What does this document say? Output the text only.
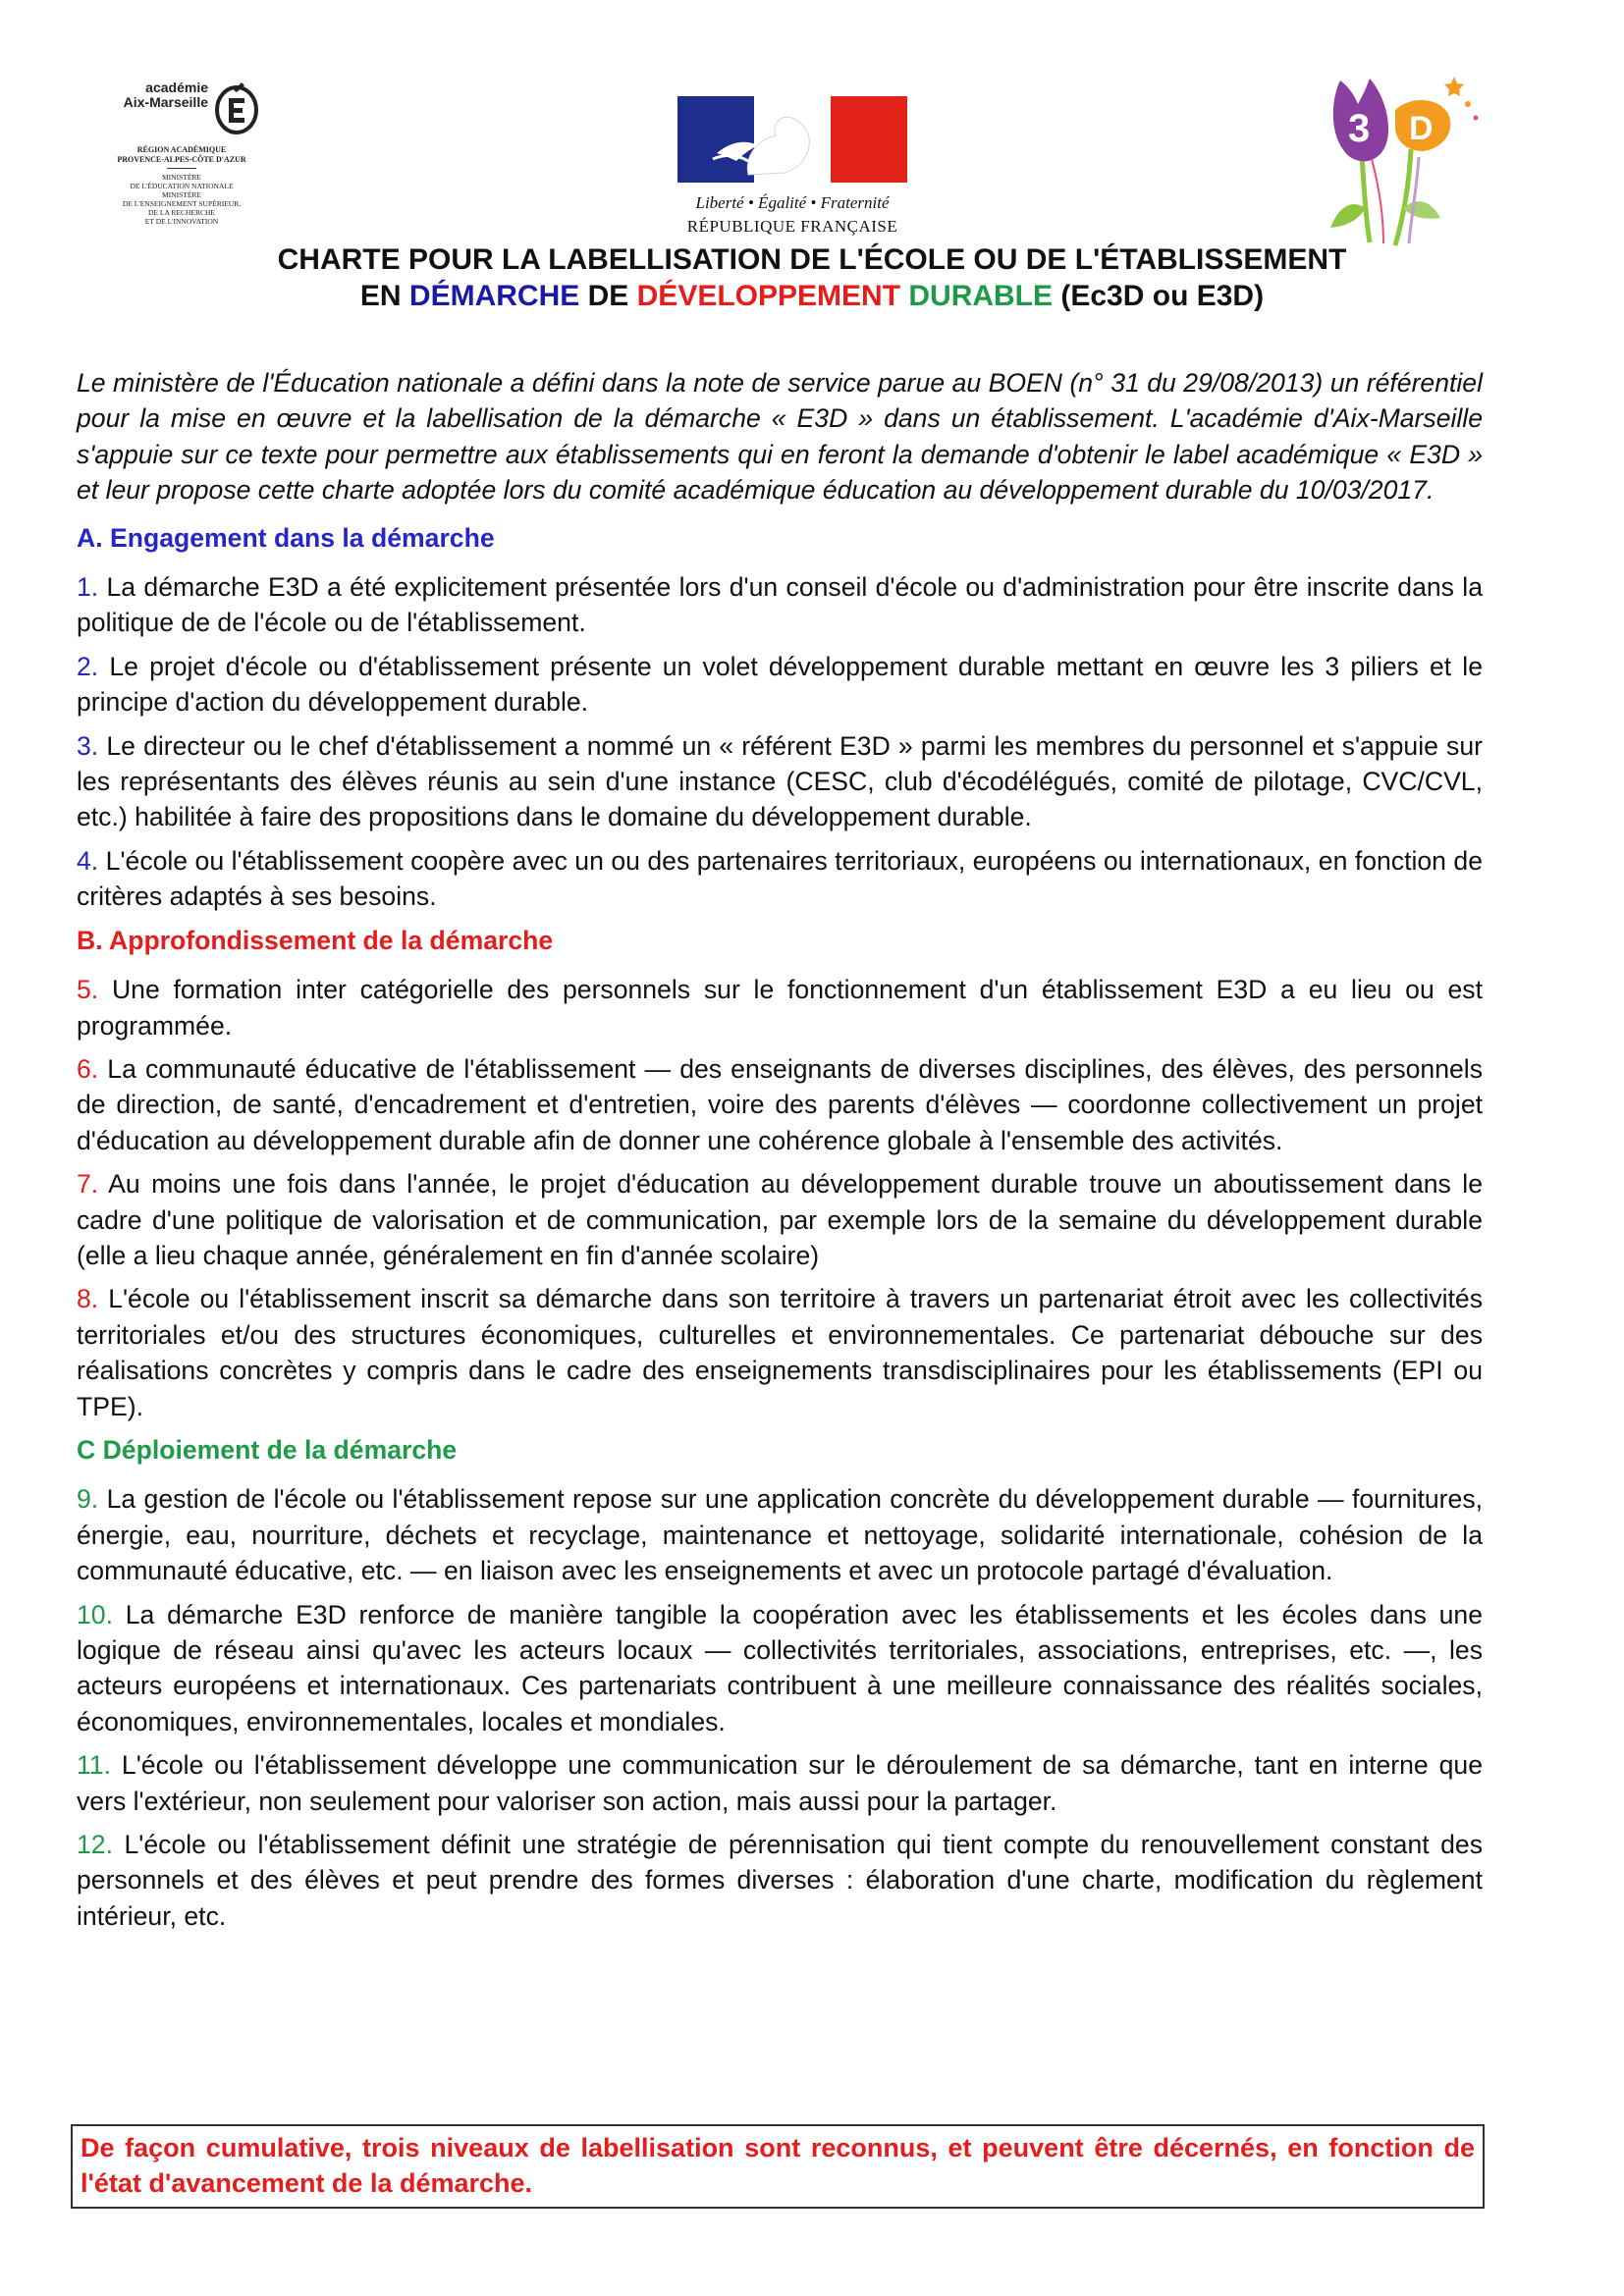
académie
Aix-Marseille
RÉGION ACADÉMIQUE
PROVENCE-ALPES-CÔTE D'AZUR
MINISTÈRE
DE L'ÉDUCATION NATIONALE
MINISTÈRE
DE L'ENSEIGNEMENT SUPÉRIEUR,
DE LA RECHERCHE
ET DE L'INNOVATION
Liberté • Égalité • Fraternité
RÉPUBLIQUE FRANÇAISE
3 D
CHARTE POUR LA LABELLISATION DE L'ÉCOLE OU DE L'ÉTABLISSEMENT
EN DÉMARCHE DE DÉVELOPPEMENT DURABLE (Ec3D ou E3D)

Le ministère de l'Éducation nationale a défini dans la note de service parue au BOEN (n° 31 du 29/08/2013) un référentiel pour la mise en œuvre et la labellisation de la démarche « E3D » dans un établissement. L'académie d'Aix-Marseille s'appuie sur ce texte pour permettre aux établissements qui en feront la demande d'obtenir le label académique « E3D » et leur propose cette charte adoptée lors du comité académique éducation au développement durable du 10/03/2017.

A. Engagement dans la démarche

1. La démarche E3D a été explicitement présentée lors d'un conseil d'école ou d'administration pour être inscrite dans la politique de de l'école ou de l'établissement.

2. Le projet d'école ou d'établissement présente un volet développement durable mettant en œuvre les 3 piliers et le principe d'action du développement durable.

3. Le directeur ou le chef d'établissement a nommé un « référent E3D » parmi les membres du personnel et s'appuie sur les représentants des élèves réunis au sein d'une instance (CESC, club d'écodélégués, comité de pilotage, CVC/CVL, etc.) habilitée à faire des propositions dans le domaine du développement durable.

4. L'école ou l'établissement coopère avec un ou des partenaires territoriaux, européens ou internationaux, en fonction de critères adaptés à ses besoins.

B. Approfondissement de la démarche

5. Une formation inter catégorielle des personnels sur le fonctionnement d'un établissement E3D a eu lieu ou est programmée.

6. La communauté éducative de l'établissement — des enseignants de diverses disciplines, des élèves, des personnels de direction, de santé, d'encadrement et d'entretien, voire des parents d'élèves — coordonne collectivement un projet d'éducation au développement durable afin de donner une cohérence globale à l'ensemble des activités.

7. Au moins une fois dans l'année, le projet d'éducation au développement durable trouve un aboutissement dans le cadre d'une politique de valorisation et de communication, par exemple lors de la semaine du développement durable (elle a lieu chaque année, généralement en fin d'année scolaire)

8. L'école ou l'établissement inscrit sa démarche dans son territoire à travers un partenariat étroit avec les collectivités territoriales et/ou des structures économiques, culturelles et environnementales. Ce partenariat débouche sur des réalisations concrètes y compris dans le cadre des enseignements transdisciplinaires pour les établissements (EPI ou TPE).

C Déploiement de la démarche

9. La gestion de l'école ou l'établissement repose sur une application concrète du développement durable — fournitures, énergie, eau, nourriture, déchets et recyclage, maintenance et nettoyage, solidarité internationale, cohésion de la communauté éducative, etc. — en liaison avec les enseignements et avec un protocole partagé d'évaluation.

10. La démarche E3D renforce de manière tangible la coopération avec les établissements et les écoles dans une logique de réseau ainsi qu'avec les acteurs locaux — collectivités territoriales, associations, entreprises, etc. —, les acteurs européens et internationaux. Ces partenariats contribuent à une meilleure connaissance des réalités sociales, économiques, environnementales, locales et mondiales.

11. L'école ou l'établissement développe une communication sur le déroulement de sa démarche, tant en interne que vers l'extérieur, non seulement pour valoriser son action, mais aussi pour la partager.

12. L'école ou l'établissement définit une stratégie de pérennisation qui tient compte du renouvellement constant des personnels et des élèves et peut prendre des formes diverses : élaboration d'une charte, modification du règlement intérieur, etc.

De façon cumulative, trois niveaux de labellisation sont reconnus, et peuvent être décernés, en fonction de l'état d'avancement de la démarche.
